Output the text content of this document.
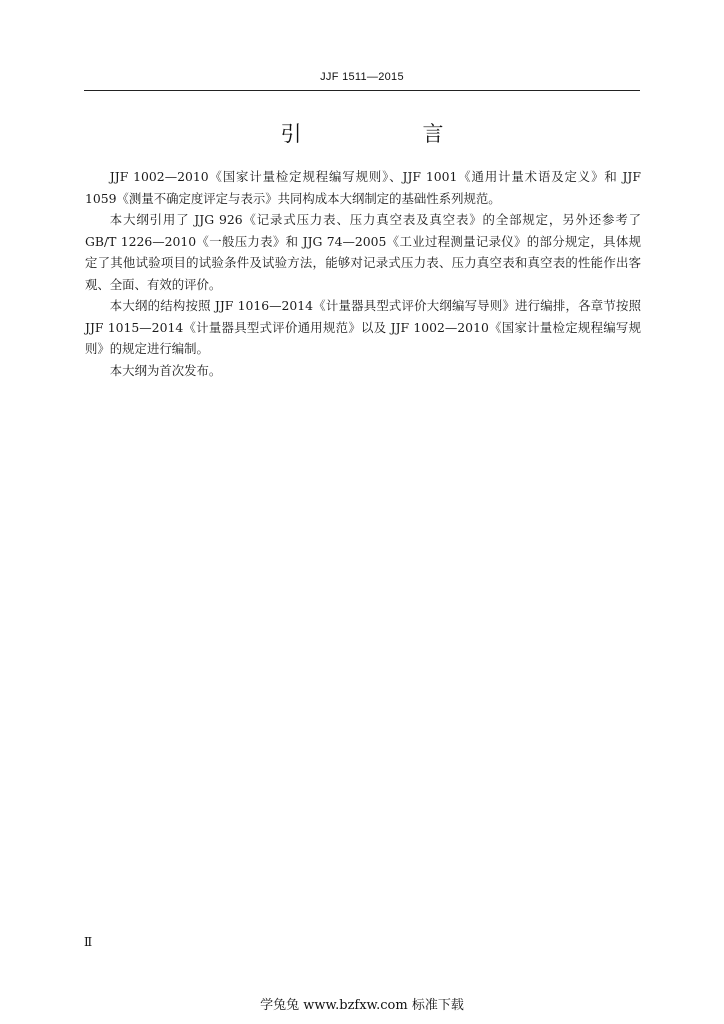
JJF 1511—2015
引　言

JJF 1002—2010《国家计量检定规程编写规则》、JJF 1001《通用计量术语及定义》和 JJF 1059《测量不确定度评定与表示》共同构成本大纲制定的基础性系列规范。

本大纲引用了 JJG 926《记录式压力表、压力真空表及真空表》的全部规定，另外还参考了 GB/T 1226—2010《一般压力表》和 JJG 74—2005《工业过程测量记录仪》的部分规定，具体规定了其他试验项目的试验条件及试验方法，能够对记录式压力表、压力真空表和真空表的性能作出客观、全面、有效的评价。

本大纲的结构按照 JJF 1016—2014《计量器具型式评价大纲编写导则》进行编排，各章节按照 JJF 1015—2014《计量器具型式评价通用规范》以及 JJF 1002—2010《国家计量检定规程编写规则》的规定进行编制。

本大纲为首次发布。

Ⅱ
学兔兔 www.bzfxw.com 标准下载
